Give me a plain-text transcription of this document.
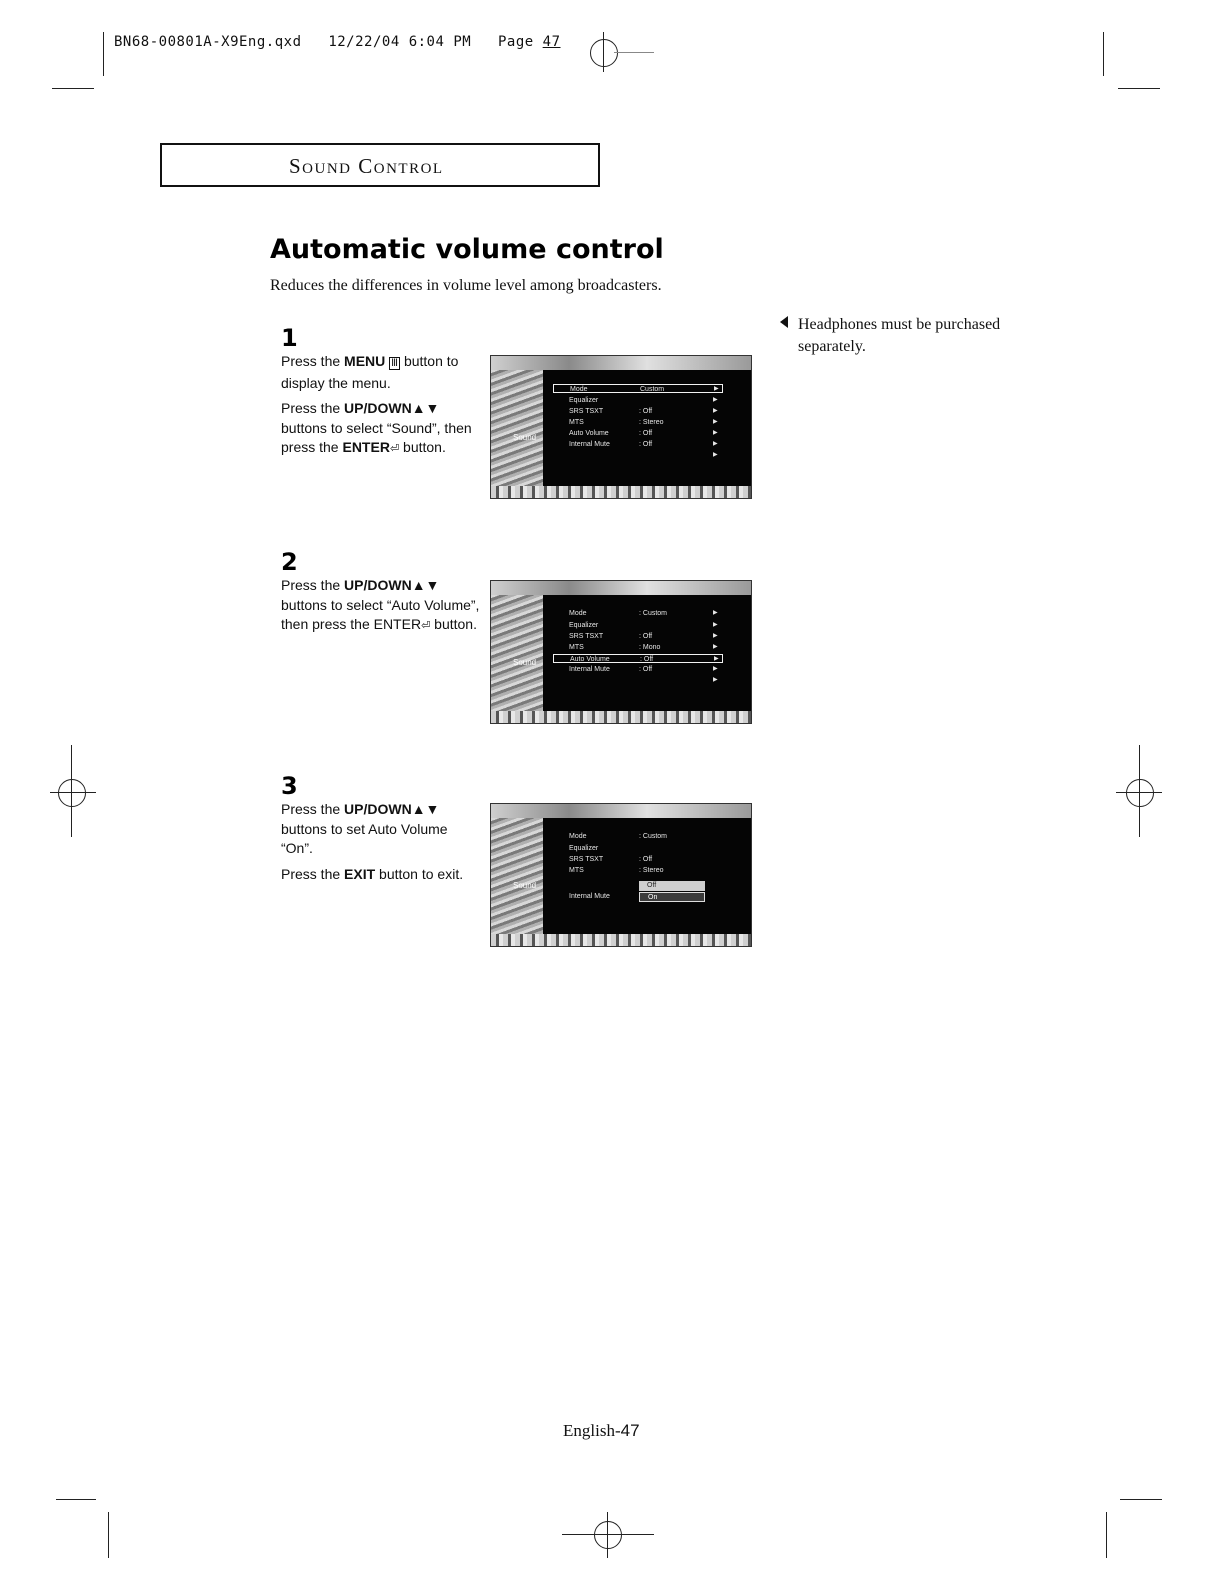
BN68-00801A-X9Eng.qxd 12/22/04 6:04 PM Page 47
Sound Control
Automatic volume control
Reduces the differences in volume level among broadcasters.
Headphones must be purchased
separately.
1

Press the MENU Ⅲ button to display the menu.

Press the UP/DOWN▲▼ buttons to select “Sound”, then press the ENTER⏎ button.

2

Press the UP/DOWN▲▼ buttons to select “Auto Volume”, then press the ENTER⏎ button.

3

Press the UP/DOWN▲▼ buttons to set Auto Volume “On”.

Press the EXIT button to exit.

Sound
Mode	Custom	▶
Equalizer	▶
SRS TSXT	: Off	▶
MTS	: Stereo	▶
Auto Volume	: Off	▶
Internal Mute	: Off	▶
▶
Sound
Mode	: Custom	▶
Equalizer	▶
SRS TSXT	: Off	▶
MTS	: Mono	▶
Auto Volume	: Off	▶
Internal Mute	: Off	▶
▶
Sound
Mode	: Custom
Equalizer
SRS TSXT	: Off
MTS	: Stereo
Off
Internal Mute	On
English-47
